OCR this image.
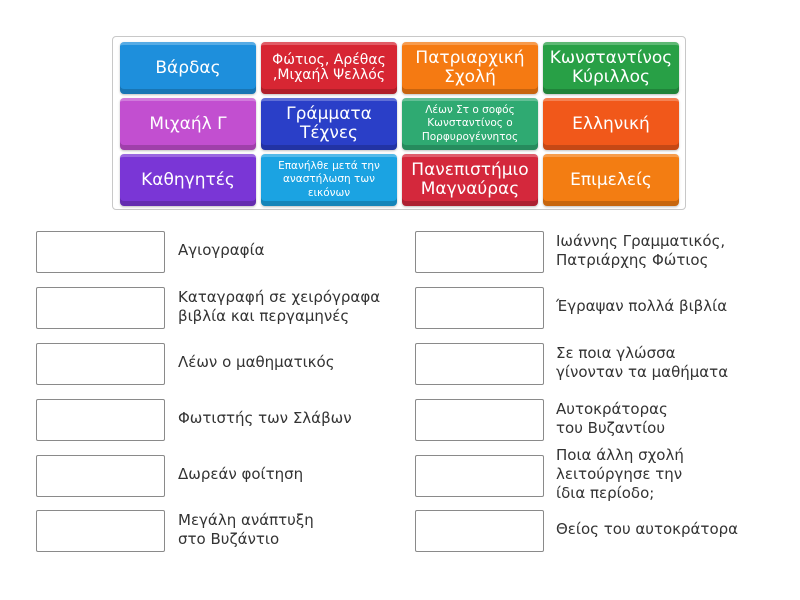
Βάρδας	Φώτιος, Αρέθας ,Μιχαήλ Ψελλός
Πατριαρχική Σχολή
Κωνσταντίνος Κύριλλος
Μιχαήλ Γ	Γράμματα Τέχνες
Λέων Στ ο σοφός Κωνσταντίνος ο Πορφυρογέννητος
Ελληνική
Καθηγητές
Επανήλθε μετά την αναστήλωση των εικόνων
Πανεπιστήμιο Μαγναύρας	Επιμελείς
Αγιογραφία
Καταγραφή σε χειρόγραφα
βιβλία και περγαμηνές
Λέων ο μαθηματικός
Φωτιστής των Σλάβων
Δωρεάν φοίτηση
Μεγάλη ανάπτυξη
στο Βυζάντιο
Ιωάννης Γραμματικός,
Πατριάρχης Φώτιος
Έγραψαν πολλά βιβλία
Σε ποια γλώσσα
γίνονταν τα μαθήματα
Αυτοκράτορας
του Βυζαντίου
Ποια άλλη σχολή
λειτούργησε την
ίδια περίοδο;
Θείος του αυτοκράτορα
